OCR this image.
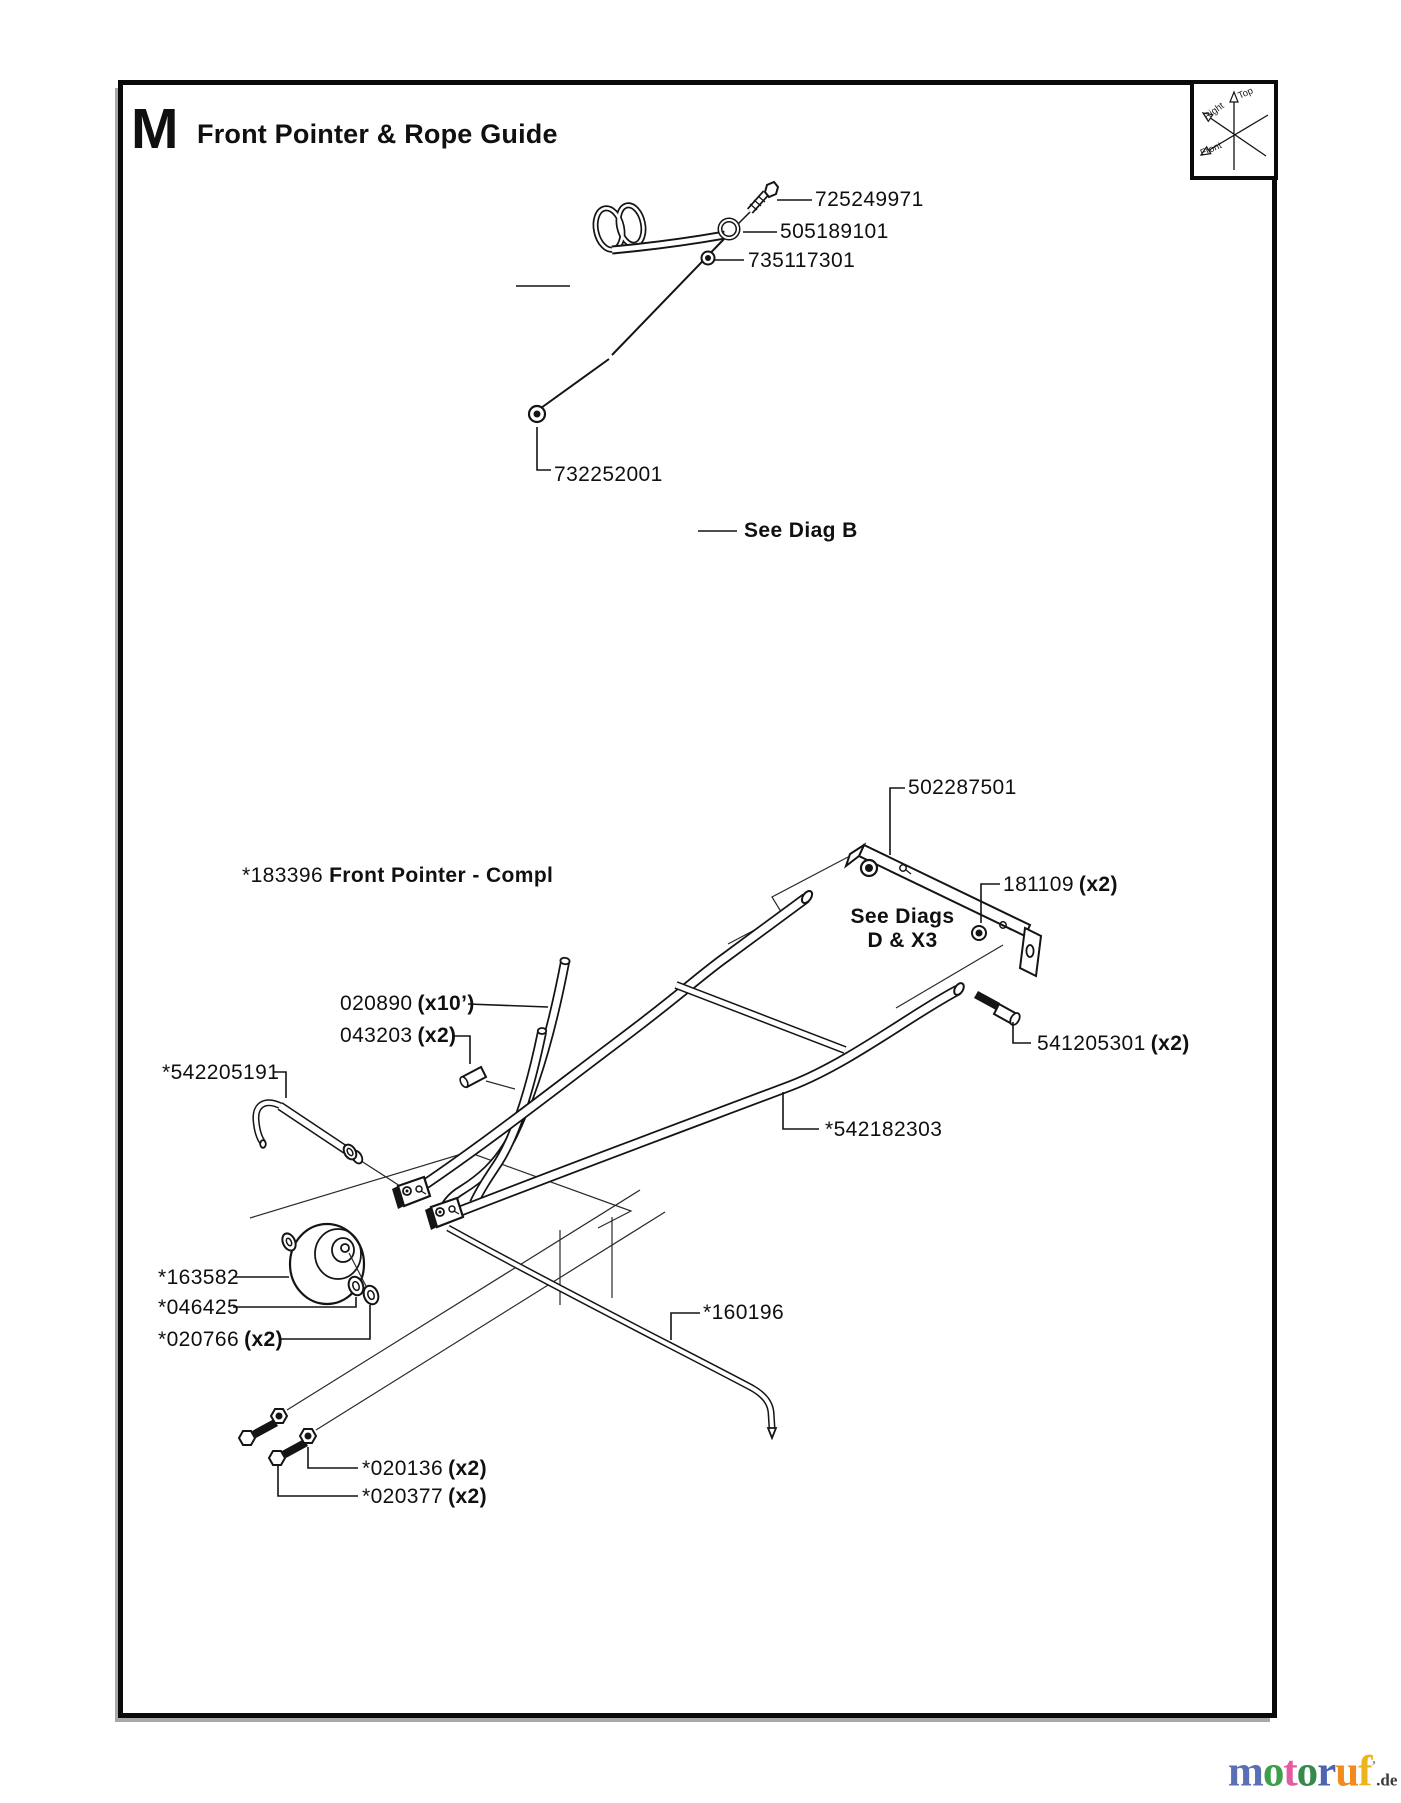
M Front Pointer & Rope Guide
Top
Right
Front
725249971
505189101
735117301
732252001
See Diag B
502287501
*183396 Front Pointer - Compl	181109 (x2)
See Diags
D & X3
020890 (x10’)
043203 (x2)
*542205191
541205301 (x2)
*542182303
*160196
*163582
*046425
*020766 (x2)
*020136 (x2)
*020377 (x2)
motoruf’.de
